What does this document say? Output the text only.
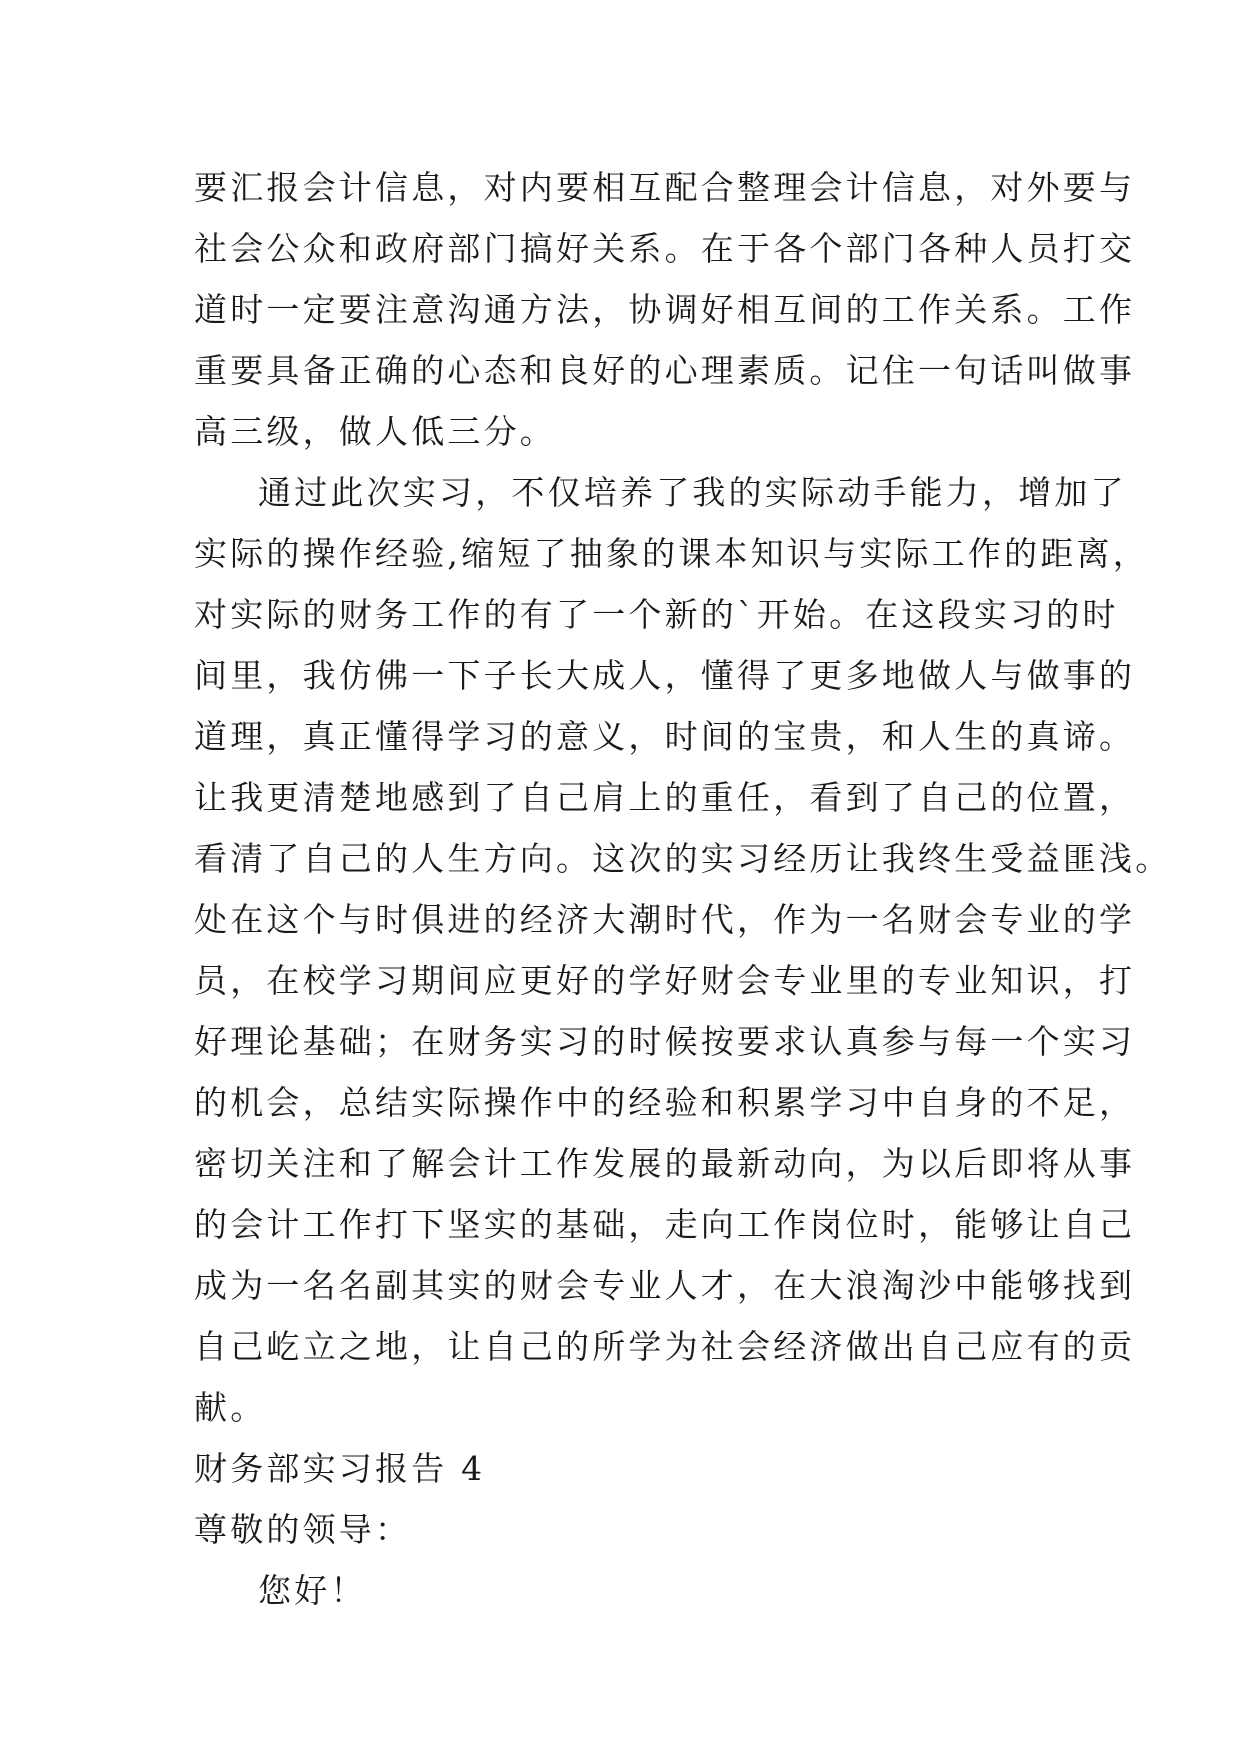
要汇报会计信息，对内要相互配合整理会计信息，对外要与
社会公众和政府部门搞好关系。在于各个部门各种人员打交
道时一定要注意沟通方法，协调好相互间的工作关系。工作
重要具备正确的心态和良好的心理素质。记住一句话叫做事
高三级，做人低三分。
通过此次实习，不仅培养了我的实际动手能力，增加了
实际的操作经验,缩短了抽象的课本知识与实际工作的距离，
对实际的财务工作的有了一个新的`开始。在这段实习的时
间里，我仿佛一下子长大成人，懂得了更多地做人与做事的
道理，真正懂得学习的意义，时间的宝贵，和人生的真谛。
让我更清楚地感到了自己肩上的重任，看到了自己的位置，
看清了自己的人生方向。这次的实习经历让我终生受益匪浅。
处在这个与时俱进的经济大潮时代，作为一名财会专业的学
员，在校学习期间应更好的学好财会专业里的专业知识，打
好理论基础；在财务实习的时候按要求认真参与每一个实习
的机会，总结实际操作中的经验和积累学习中自身的不足，
密切关注和了解会计工作发展的最新动向，为以后即将从事
的会计工作打下坚实的基础，走向工作岗位时，能够让自己
成为一名名副其实的财会专业人才，在大浪淘沙中能够找到
自己屹立之地，让自己的所学为社会经济做出自己应有的贡
献。
财务部实习报告 4
尊敬的领导：
您好！
